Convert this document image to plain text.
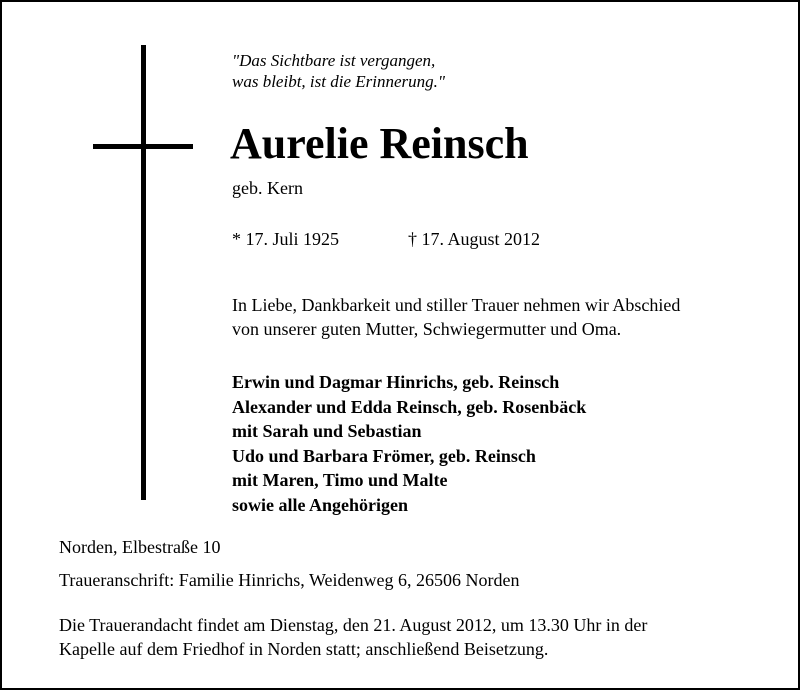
"Das Sichtbare ist vergangen,
was bleibt, ist die Erinnerung."
Aurelie Reinsch
geb. Kern
* 17. Juli 1925	† 17. August 2012
In Liebe, Dankbarkeit und stiller Trauer nehmen wir Abschied
von unserer guten Mutter, Schwiegermutter und Oma.
Erwin und Dagmar Hinrichs, geb. Reinsch
Alexander und Edda Reinsch, geb. Rosenbäck
mit Sarah und Sebastian
Udo und Barbara Frömer, geb. Reinsch
mit Maren, Timo und Malte
sowie alle Angehörigen
Norden, Elbestraße 10
Traueranschrift: Familie Hinrichs, Weidenweg 6, 26506 Norden
Die Trauerandacht findet am Dienstag, den 21. August 2012, um 13.30 Uhr in der
Kapelle auf dem Friedhof in Norden statt; anschließend Beisetzung.
